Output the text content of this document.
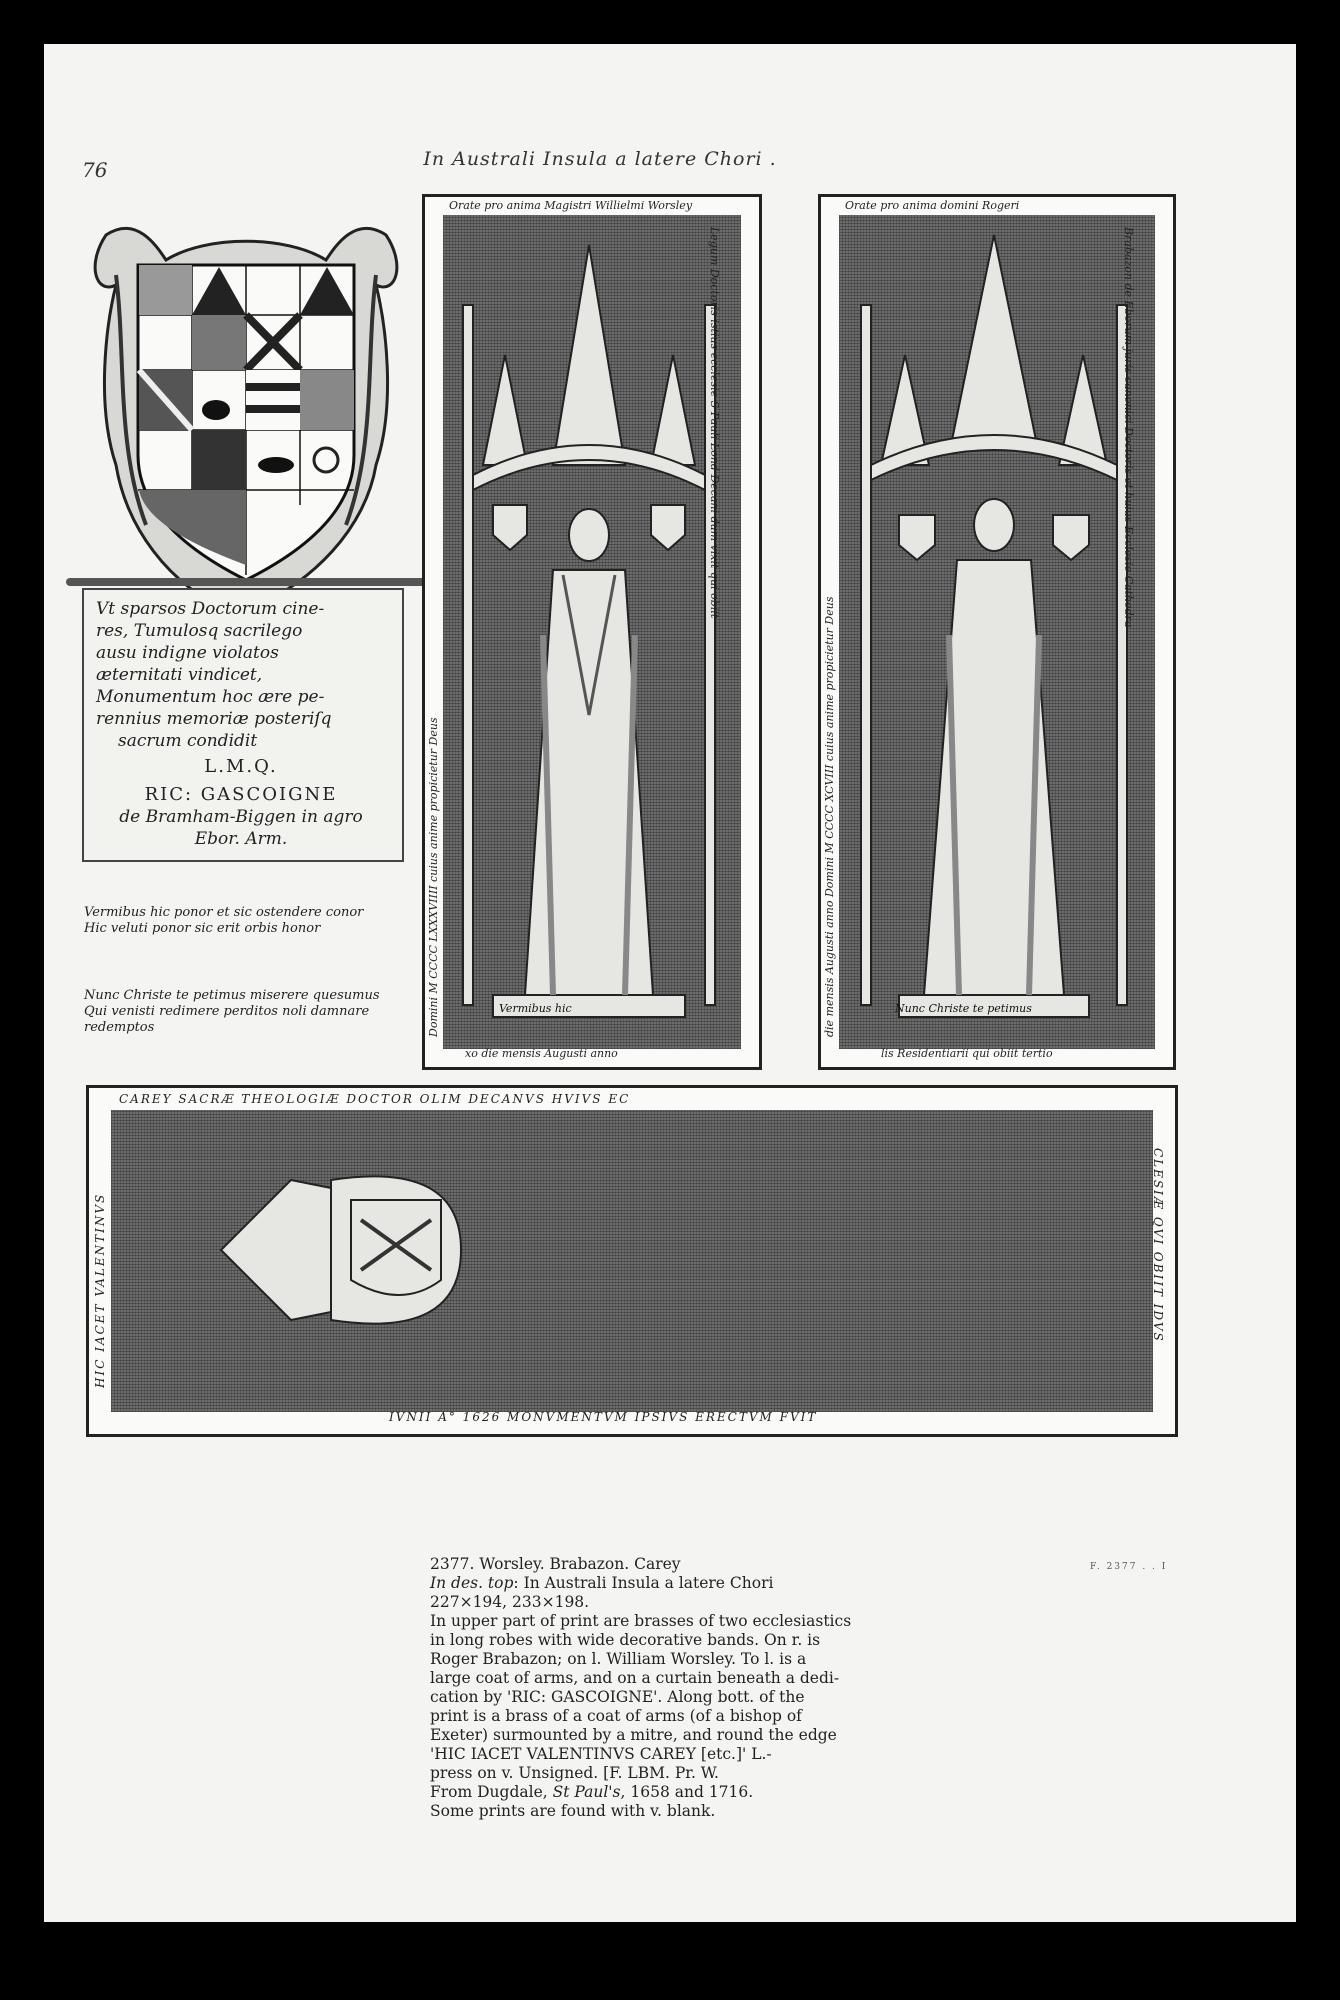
76	In Australi Insula a latere Chori .
Vt sparsos Doctorum cine-
res, Tumulosq sacrilego
ausu indigne violatos
æternitati vindicet,
Monumentum hoc ære pe-
rennius memoriæ posteriſq
sacrum condidit
L.M.Q.
RIC: GASCOIGNE
de Bramham-Biggen in agro
Ebor. Arm.
Vermibus hic ponor et sic ostendere conor
Hic veluti ponor sic erit orbis honor
Nunc Christe te petimus miserere quesumus
Qui venisti redimere perditos noli damnare redemptos
Orate pro anima Magistri Willielmi Worsley
Legum Doctoris istius ecclesie S Pauli Lond Decani dum vixit qui obiit
xo die mensis Augusti anno
Domini M CCCC LXXXVIIII cuius anime propicietur Deus	Vermibus hic
Orate pro anima domini Rogeri
Brabazon de Eborum juris canonici Doctoris et huius Ecclesie Cathedra
lis Residentiarii qui obiit tertio
die mensis Augusti anno Domini M CCCC XCVIII cuius anime propicietur Deus	Nunc Christe te petimus
CAREY SACRÆ THEOLOGIÆ DOCTOR OLIM DECANVS HVIVS EC
CLESIÆ QVI OBIIT IDVS
IVNII A° 1626 MONVMENTVM IPSIVS ERECTVM FVIT
HIC IACET VALENTINVS
2377. Worsley. Brabazon. Carey
In des. top: In Australi Insula a latere Chori
227×194, 233×198.
In upper part of print are brasses of two ecclesiastics
in long robes with wide decorative bands. On r. is
Roger Brabazon; on l. William Worsley. To l. is a
large coat of arms, and on a curtain beneath a dedi-
cation by 'RIC: GASCOIGNE'. Along bott. of the
print is a brass of a coat of arms (of a bishop of
Exeter) surmounted by a mitre, and round the edge
'HIC IACET VALENTINVS CAREY [etc.]' L.-
press on v. Unsigned. [F. LBM. Pr. W.
From Dugdale, St Paul's, 1658 and 1716.
Some prints are found with v. blank.
F. 2377 . . I
